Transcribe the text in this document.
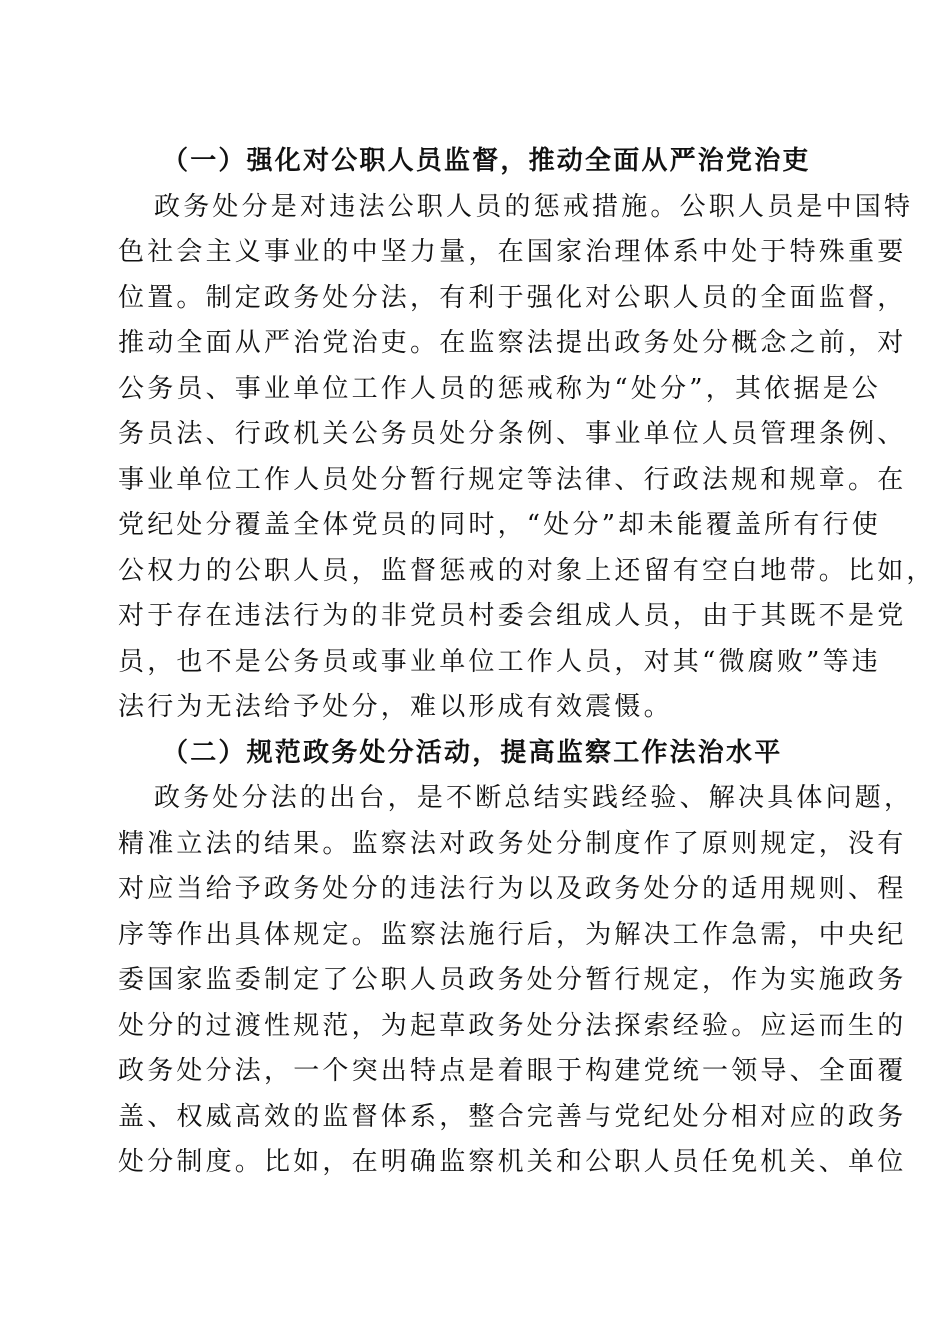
（一）强化对公职人员监督，推动全面从严治党治吏
政务处分是对违法公职人员的惩戒措施。公职人员是中国特
色社会主义事业的中坚力量，在国家治理体系中处于特殊重要
位置。制定政务处分法，有利于强化对公职人员的全面监督，
推动全面从严治党治吏。在监察法提出政务处分概念之前，对
公务员、事业单位工作人员的惩戒称为“处分”，其依据是公
务员法、行政机关公务员处分条例、事业单位人员管理条例、
事业单位工作人员处分暂行规定等法律、行政法规和规章。在
党纪处分覆盖全体党员的同时，“处分”却未能覆盖所有行使
公权力的公职人员，监督惩戒的对象上还留有空白地带。比如，
对于存在违法行为的非党员村委会组成人员，由于其既不是党
员，也不是公务员或事业单位工作人员，对其“微腐败”等违
法行为无法给予处分，难以形成有效震慑。
（二）规范政务处分活动，提高监察工作法治水平
政务处分法的出台，是不断总结实践经验、解决具体问题，
精准立法的结果。监察法对政务处分制度作了原则规定，没有
对应当给予政务处分的违法行为以及政务处分的适用规则、程
序等作出具体规定。监察法施行后，为解决工作急需，中央纪
委国家监委制定了公职人员政务处分暂行规定，作为实施政务
处分的过渡性规范，为起草政务处分法探索经验。应运而生的
政务处分法，一个突出特点是着眼于构建党统一领导、全面覆
盖、权威高效的监督体系，整合完善与党纪处分相对应的政务
处分制度。比如，在明确监察机关和公职人员任免机关、单位
